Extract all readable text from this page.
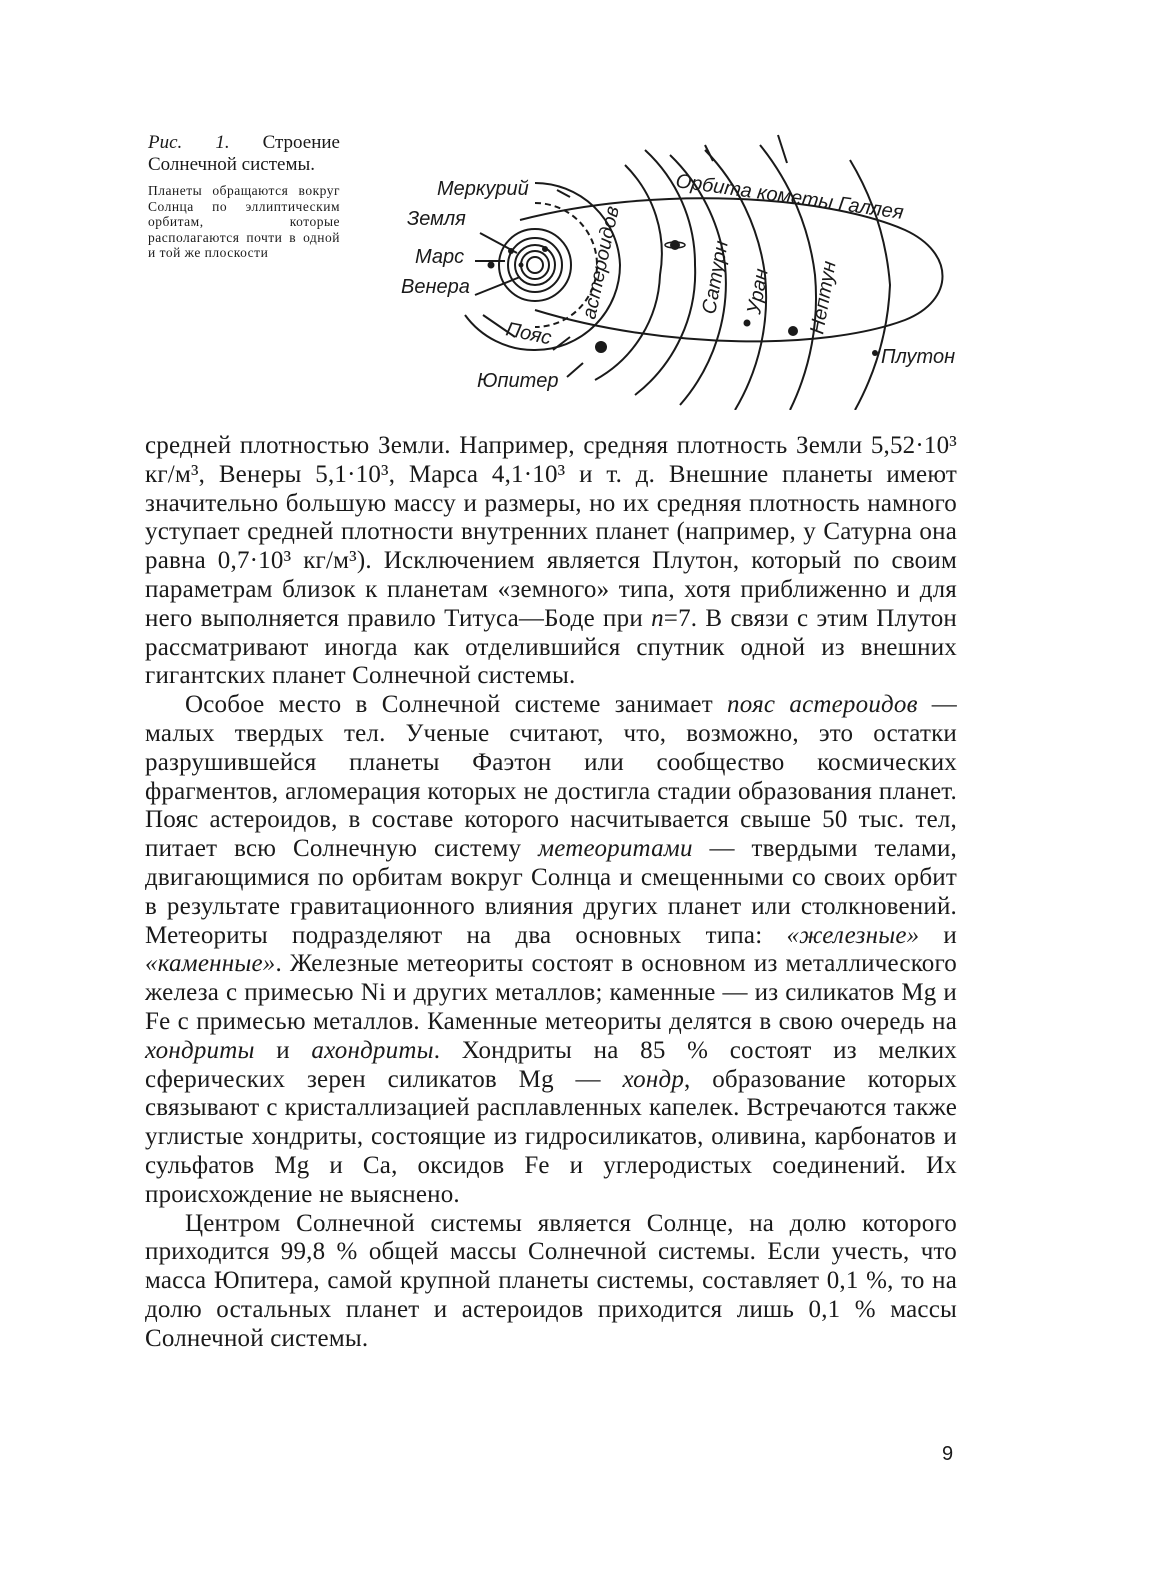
Рис. 1. Строение Солнечной системы.
Планеты обращаются вокруг Солнца по эллиптическим орбитам, которые располагаются почти в одной и той же плоскости
Меркурий
Земля
Марс
Венера
Пояс
астероидов
Юпитер
Сатурн Уран Нептун
Плутон
Орбита кометы Галлея

средней плотностью Земли. Например, средняя плотность Земли 5,52·10³ кг/м³, Венеры 5,1·10³, Марса 4,1·10³ и т. д. Внешние планеты имеют значительно большую массу и размеры, но их средняя плотность намного уступает средней плотности внутренних планет (например, у Сатурна она равна 0,7·10³ кг/м³). Исключением является Плутон, который по своим параметрам близок к планетам «земного» типа, хотя приближенно и для него выполняется правило Титуса—Боде при n=7. В связи с этим Плутон рассматривают иногда как отделившийся спутник одной из внешних гигантских планет Солнечной системы.

Особое место в Солнечной системе занимает пояс астероидов — малых твердых тел. Ученые считают, что, возможно, это остатки разрушившейся планеты Фаэтон или сообщество космических фрагментов, агломерация которых не достигла стадии образования планет. Пояс астероидов, в составе которого насчитывается свыше 50 тыс. тел, питает всю Солнечную систему метеоритами — твердыми телами, двигающимися по орбитам вокруг Солнца и смещенными со своих орбит в результате гравитационного влияния других планет или столкновений. Метеориты подразделяют на два основных типа: «железные» и «каменные». Железные метеориты состоят в основном из металлического железа с примесью Ni и других металлов; каменные — из силикатов Mg и Fe с примесью металлов. Каменные метеориты делятся в свою очередь на хондриты и ахондриты. Хондриты на 85 % состоят из мелких сферических зерен силикатов Mg — хондр, образование которых связывают с кристаллизацией расплавленных капелек. Встречаются также углистые хондриты, состоящие из гидросиликатов, оливина, карбонатов и сульфатов Mg и Ca, оксидов Fe и углеродистых соединений. Их происхождение не выяснено.

Центром Солнечной системы является Солнце, на долю которого приходится 99,8 % общей массы Солнечной системы. Если учесть, что масса Юпитера, самой крупной планеты системы, составляет 0,1 %, то на долю остальных планет и астероидов приходится лишь 0,1 % массы Солнечной системы.

9
